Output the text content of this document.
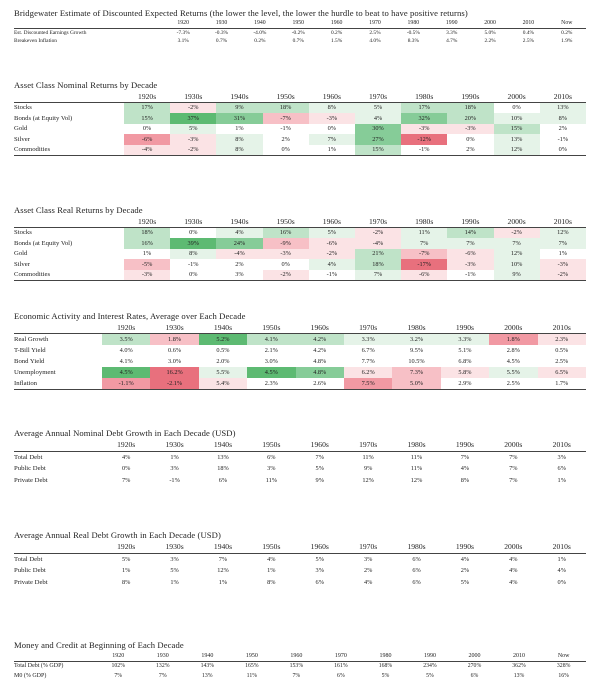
Bridgewater Estimate of Discounted Expected Returns (the lower the level, the lower the hurdle to beat to have positive returns)
	1920	1930	1940	1950	1960	1970	1980	1990	2000	2010	Now
Est. Discounted Earnings Growth	-7.3%	-0.3%	-4.0%	-0.2%	0.2%	2.5%	-0.5%	3.3%	5.0%	0.4%	0.2%
Breakeven Inflation	3.1%	0.7%	0.2%	0.7%	1.5%	4.0%	8.3%	4.7%	2.2%	2.5%	1.9%
Asset Class Nominal Returns by Decade
	1920s	1930s	1940s	1950s	1960s	1970s	1980s	1990s	2000s	2010s
Stocks	17%	-2%	9%	18%	8%	5%	17%	18%	0%	13%
Bonds (at Equity Vol)	15%	37%	31%	-7%	-3%	4%	32%	20%	10%	8%
Gold	0%	5%	1%	-1%	0%	30%	-3%	-3%	15%	2%
Silver	-6%	-3%	8%	2%	7%	27%	-12%	0%	13%	-1%
Commodities	-4%	-2%	8%	0%	1%	15%	-1%	2%	12%	0%
Asset Class Real Returns by Decade
	1920s	1930s	1940s	1950s	1960s	1970s	1980s	1990s	2000s	2010s
Stocks	18%	0%	4%	16%	5%	-2%	11%	14%	-2%	12%
Bonds (at Equity Vol)	16%	39%	24%	-9%	-6%	-4%	7%	7%	7%	7%
Gold	1%	8%	-4%	-3%	-2%	21%	-7%	-6%	12%	1%
Silver	-5%	-1%	2%	0%	4%	18%	-17%	-3%	10%	-3%
Commodities	-3%	0%	3%	-2%	-1%	7%	-6%	-1%	9%	-2%
Economic Activity and Interest Rates, Average over Each Decade
	1920s	1930s	1940s	1950s	1960s	1970s	1980s	1990s	2000s	2010s
Real Growth	3.5%	1.8%	5.2%	4.1%	4.2%	3.3%	3.2%	3.3%	1.8%	2.3%
T-Bill Yield	4.0%	0.6%	0.5%	2.1%	4.2%	6.7%	9.5%	5.1%	2.8%	0.5%
Bond Yield	4.1%	3.0%	2.0%	3.0%	4.8%	7.7%	10.5%	6.8%	4.5%	2.5%
Unemployment	4.5%	16.2%	5.5%	4.5%	4.8%	6.2%	7.3%	5.8%	5.5%	6.5%
Inflation	-1.1%	-2.1%	5.4%	2.3%	2.6%	7.5%	5.0%	2.9%	2.5%	1.7%
Average Annual Nominal Debt Growth in Each Decade (USD)
	1920s	1930s	1940s	1950s	1960s	1970s	1980s	1990s	2000s	2010s
Total Debt	4%	1%	13%	6%	7%	11%	11%	7%	7%	3%
Public Debt	0%	3%	18%	3%	5%	9%	11%	4%	7%	6%
Private Debt	7%	-1%	6%	11%	9%	12%	12%	8%	7%	1%
Average Annual Real Debt Growth in Each Decade (USD)
	1920s	1930s	1940s	1950s	1960s	1970s	1980s	1990s	2000s	2010s
Total Debt	5%	3%	7%	4%	5%	3%	6%	4%	4%	1%
Public Debt	1%	5%	12%	1%	3%	2%	6%	2%	4%	4%
Private Debt	8%	1%	1%	8%	6%	4%	6%	5%	4%	0%
Money and Credit at Beginning of Each Decade
	1920	1930	1940	1950	1960	1970	1980	1990	2000	2010	Now
Total Debt (% GDP)	102%	132%	143%	165%	153%	161%	168%	234%	270%	362%	328%
M0 (% GDP)	7%	7%	13%	11%	7%	6%	5%	5%	6%	13%	16%
